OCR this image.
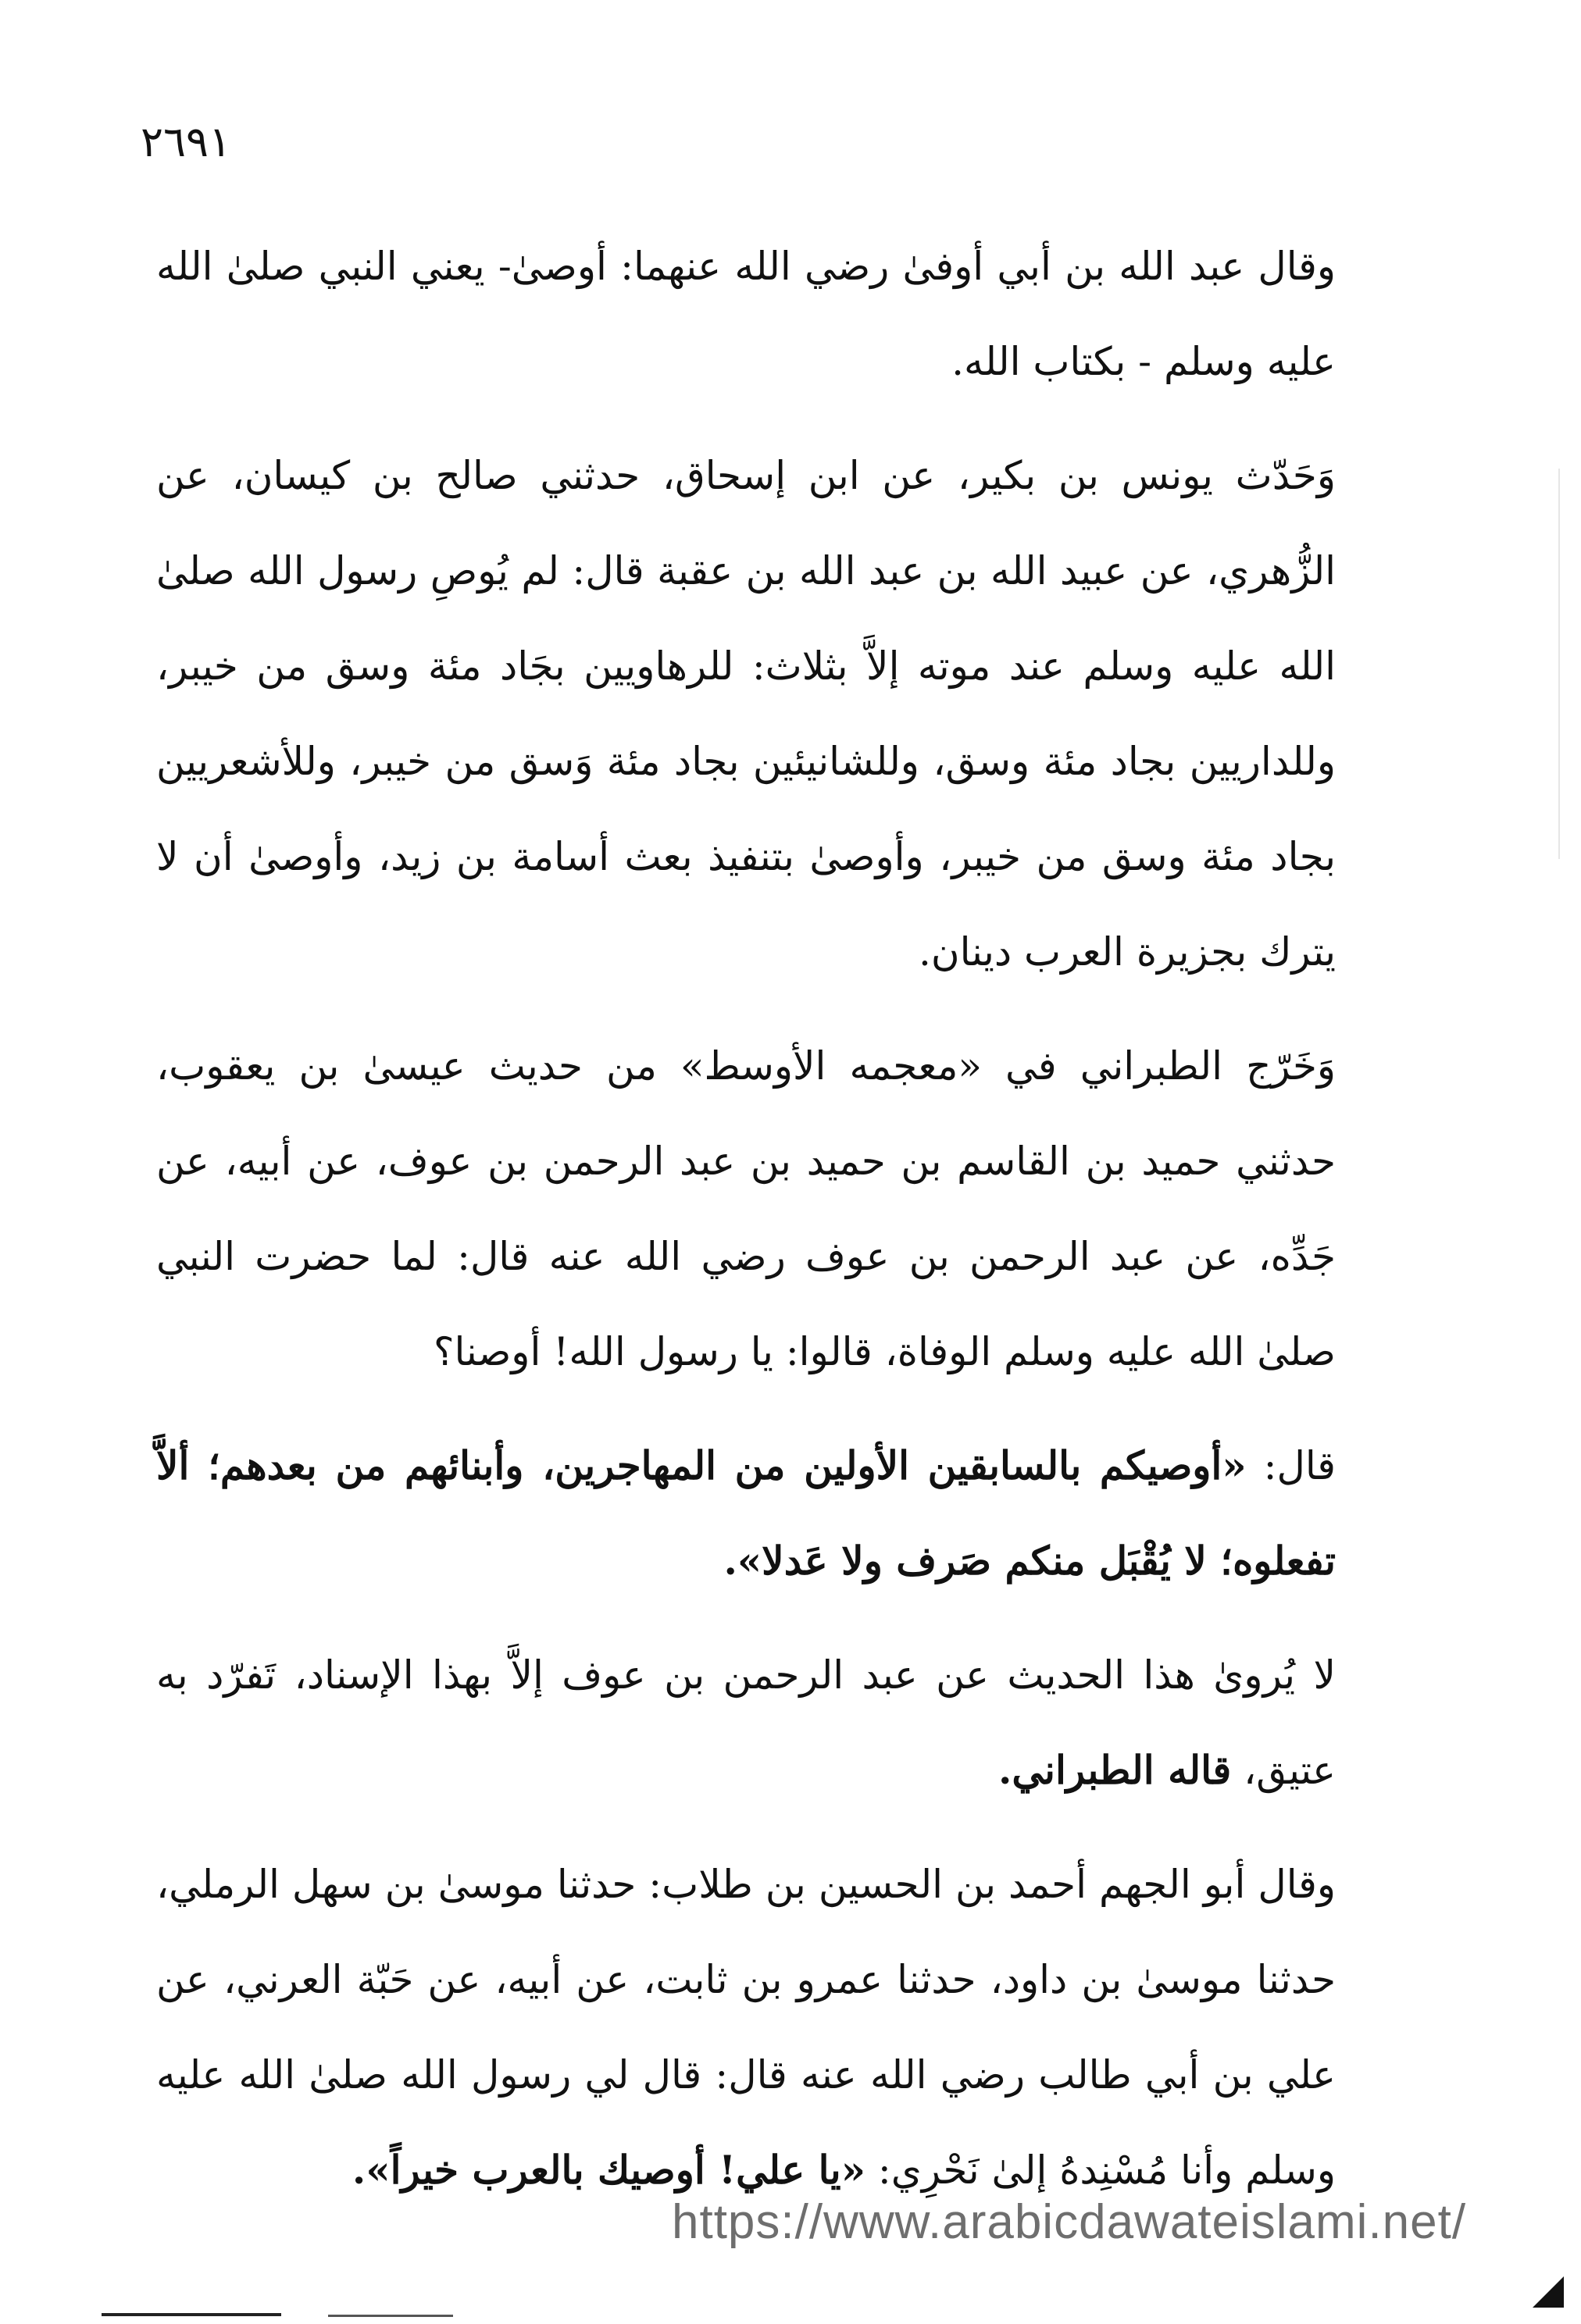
٢٦٩١

وقال عبد الله بن أبي أوفىٰ رضي الله عنهما: أوصىٰ- يعني النبي صلىٰ الله عليه وسلم - بكتاب الله.

وَحَدّث يونس بن بكير، عن ابن إسحاق، حدثني صالح بن كيسان، عن الزُّهري، عن عبيد الله بن عبد الله بن عقبة قال: لم يُوصِ رسول الله صلىٰ الله عليه وسلم عند موته إلاَّ بثلاث: للرهاويين بجَاد مئة وسق من خيبر، وللداريين بجاد مئة وسق، وللشانيئين بجاد مئة وَسق من خيبر، وللأشعريين بجاد مئة وسق من خيبر، وأوصىٰ بتنفيذ بعث أسامة بن زيد، وأوصىٰ أن لا يترك بجزيرة العرب دينان.

وَخَرّج الطبراني في «معجمه الأوسط» من حديث عيسىٰ بن يعقوب، حدثني حميد بن القاسم بن حميد بن عبد الرحمن بن عوف، عن أبيه، عن جَدِّه، عن عبد الرحمن بن عوف رضي الله عنه قال: لما حضرت النبي صلىٰ الله عليه وسلم الوفاة، قالوا: يا رسول الله! أوصنا؟

قال: «أوصيكم بالسابقين الأولين من المهاجرين، وأبنائهم من بعدهم؛ ألاَّ تفعلوه؛ لا يُقْبَل منكم صَرف ولا عَدلا».

لا يُروىٰ هذا الحديث عن عبد الرحمن بن عوف إلاَّ بهذا الإسناد، تَفرّد به عتيق، قاله الطبراني.

وقال أبو الجهم أحمد بن الحسين بن طلاب: حدثنا موسىٰ بن سهل الرملي، حدثنا موسىٰ بن داود، حدثنا عمرو بن ثابت، عن أبيه، عن حَبّة العرني، عن علي بن أبي طالب رضي الله عنه قال: قال لي رسول الله صلىٰ الله عليه وسلم وأنا مُسْنِدهُ إلىٰ نَحْرِي: «يا علي! أوصيك بالعرب خيراً».

https://www.arabicdawateislami.net/
